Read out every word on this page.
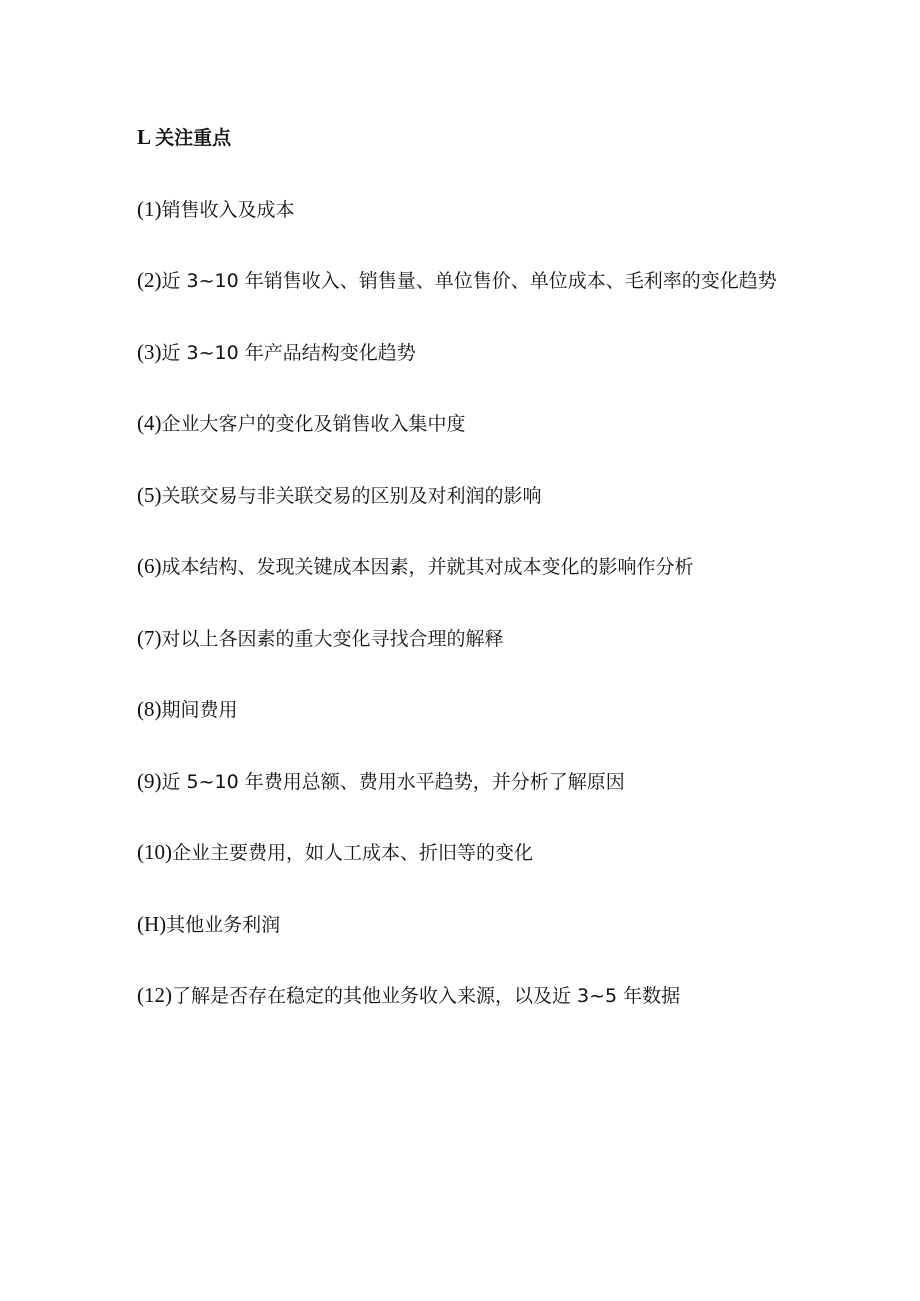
L 关注重点

(1)销售收入及成本

(2)近 3~10 年销售收入、销售量、单位售价、单位成本、毛利率的变化趋势

(3)近 3~10 年产品结构变化趋势

(4)企业大客户的变化及销售收入集中度

(5)关联交易与非关联交易的区别及对利润的影响

(6)成本结构、发现关键成本因素，并就其对成本变化的影响作分析

(7)对以上各因素的重大变化寻找合理的解释

(8)期间费用

(9)近 5~10 年费用总额、费用水平趋势，并分析了解原因

(10)企业主要费用，如人工成本、折旧等的变化

(H)其他业务利润

(12)了解是否存在稳定的其他业务收入来源，以及近 3~5 年数据
